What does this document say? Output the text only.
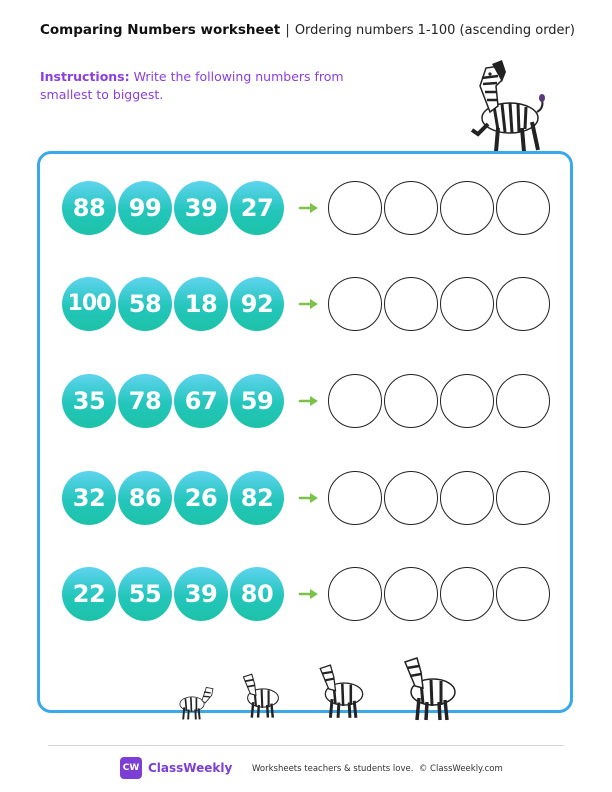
Comparing Numbers worksheet | Ordering numbers 1-100 (ascending order)
Instructions: Write the following numbers from smallest to biggest.
88 99 39 27
100 58 18 92
35 78 67 59
32 86 26 82
22 55 39 80
CW ClassWeekly Worksheets teachers & students love. © ClassWeekly.com
